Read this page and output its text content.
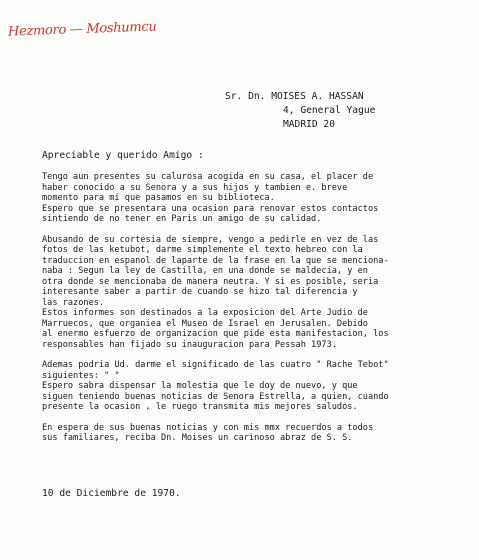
Hezmoro — Moshumcu
Sr. Dn. MOISES A. HASSAN
4, General Yague
MADRID 20
Apreciable y querido Amigo :

Tengo aun presentes su calurosa acogida en su casa, el placer de
haber conocido a su Senora y a sus hijos y tambien e. breve
momento para mi que pasamos en su biblioteca.
Espero que se presentara una ocasion para renovar estos contactos
sintiendo de no tener en Paris un amigo de su calidad.

Abusando de su cortesia de siempre, vengo a pedirle en vez de las
fotos de las ketubot, darme simplemente el texto hebreo con la
traduccion en espanol de laparte de la frase en la que se menciona-
naba : Segun la ley de Castilla, en una donde se maldecia, y en
otra donde se mencionaba de manera neutra. Y si es posible, seria
interesante saber a partir de cuando se hizo tal diferencia y
las razones.
Estos informes son destinados a la exposicion del Arte Judio de
Marruecos, que organiea el Museo de Israel en Jerusalen. Debido
al enermo esfuerzo de organizacion que pide esta manifestacion, los
responsables han fijado su inauguracion para Pessah 1973.

Ademas podria Ud. darme el significado de las cuatro " Rache Tebot"
siguientes: " "
Espero sabra dispensar la molestia que le doy de nuevo, y que
siguen teniendo buenas noticias de Senora Estrella, a quien, cuando
presente la ocasion , le ruego transmita mis mejores saludos.

En espera de sus buenas noticias y con mis mmx recuerdos a todos
sus familiares, reciba Dn. Moises un carinoso abraz de S. S.

10 de Diciembre de 1970.
